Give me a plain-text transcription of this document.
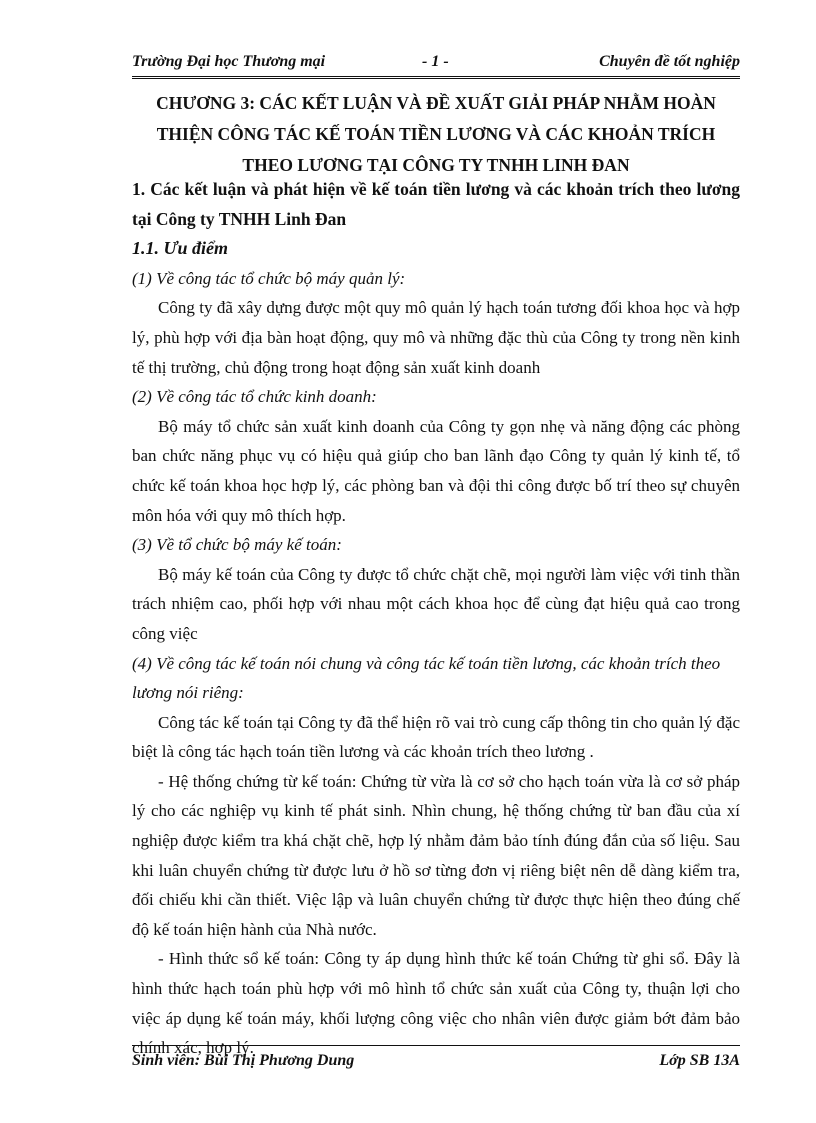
Trường Đại học Thương mại	- 1 -	Chuyên đề tốt nghiệp
CHƯƠNG 3: CÁC KẾT LUẬN VÀ ĐỀ XUẤT GIẢI PHÁP NHẰM HOÀN
THIỆN CÔNG TÁC KẾ TOÁN TIỀN LƯƠNG VÀ CÁC KHOẢN TRÍCH
THEO LƯƠNG TẠI CÔNG TY TNHH LINH ĐAN

1. Các kết luận và phát hiện về kế toán tiền lương và các khoản trích theo lương tại Công ty TNHH Linh Đan

1.1. Ưu điểm

(1) Về công tác tổ chức bộ máy quản lý:

Công ty đã xây dựng được một quy mô quản lý hạch toán tương đối khoa học và hợp lý, phù hợp với địa bàn hoạt động, quy mô và những đặc thù của Công ty trong nền kinh tế thị trường, chủ động trong hoạt động sản xuất kinh doanh

(2) Về công tác tổ chức kinh doanh:

Bộ máy tổ chức sản xuất kinh doanh của Công ty gọn nhẹ và năng động các phòng ban chức năng phục vụ có hiệu quả giúp cho ban lãnh đạo Công ty quản lý kinh tế, tổ chức kế toán khoa học hợp lý, các phòng ban và đội thi công được bố trí theo sự chuyên môn hóa với quy mô thích hợp.

(3) Về tổ chức bộ máy kế toán:

Bộ máy kế toán của Công ty được tổ chức chặt chẽ, mọi người làm việc với tinh thần trách nhiệm cao, phối hợp với nhau một cách khoa học để cùng đạt hiệu quả cao trong công việc

(4) Về công tác kế toán nói chung và công tác kế toán tiền lương, các khoản trích theo lương nói riêng:

Công tác kế toán tại Công ty đã thể hiện rõ vai trò cung cấp thông tin cho quản lý đặc biệt là công tác hạch toán tiền lương và các khoản trích theo lương .

- Hệ thống chứng từ kế toán: Chứng từ vừa là cơ sở cho hạch toán vừa là cơ sở pháp lý cho các nghiệp vụ kinh tế phát sinh. Nhìn chung, hệ thống chứng từ ban đầu của xí nghiệp được kiểm tra khá chặt chẽ, hợp lý nhằm đảm bảo tính đúng đắn của số liệu. Sau khi luân chuyển chứng từ được lưu ở hồ sơ từng đơn vị riêng biệt nên dễ dàng kiểm tra, đối chiếu khi cần thiết. Việc lập và luân chuyển chứng từ được thực hiện theo đúng chế độ kế toán hiện hành của Nhà nước.

- Hình thức sổ kế toán: Công ty áp dụng hình thức kế toán Chứng từ ghi sổ. Đây là hình thức hạch toán phù hợp với mô hình tổ chức sản xuất của Công ty, thuận lợi cho việc áp dụng kế toán máy, khối lượng công việc cho nhân viên được giảm bớt đảm bảo chính xác, hợp lý.

Sinh viên: Bùi Thị Phương Dung	Lớp SB 13A
